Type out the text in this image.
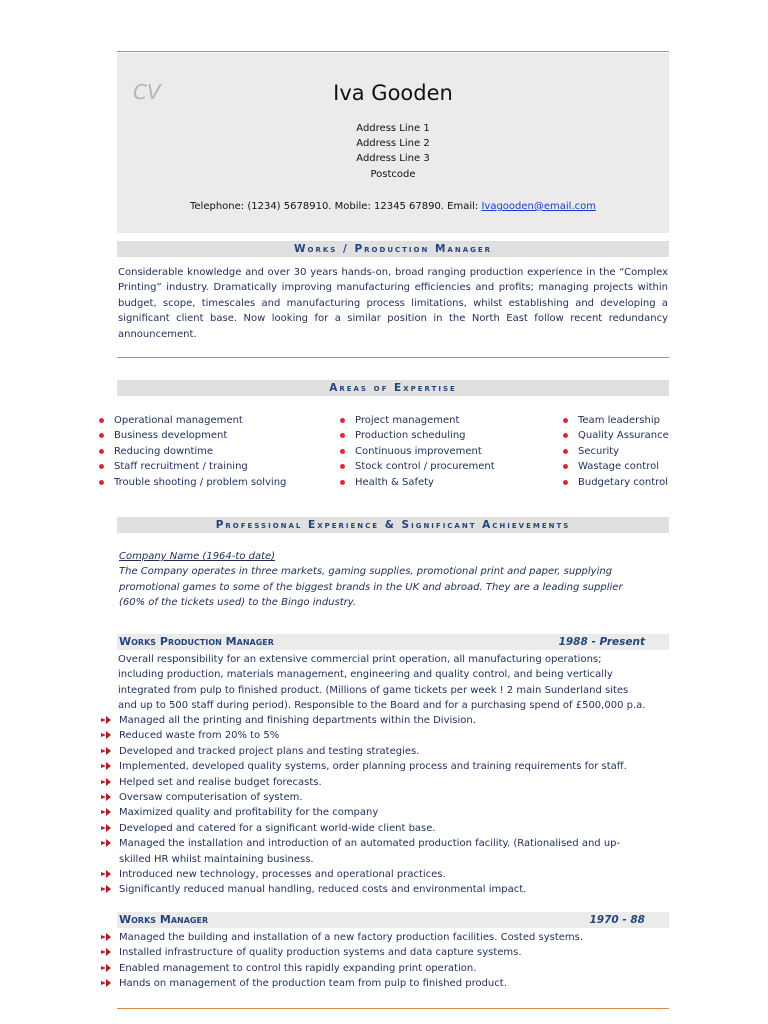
CV	Iva Gooden
Address Line 1
Address Line 2
Address Line 3
Postcode
Telephone: (1234) 5678910. Mobile: 12345 67890. Email: Ivagooden@email.com
Works / Production Manager
Considerable knowledge and over 30 years hands-on, broad ranging production experience in the “Complex Printing” industry. Dramatically improving manufacturing efficiencies and profits; managing projects within budget, scope, timescales and manufacturing process limitations, whilst establishing and developing a significant client base. Now looking for a similar position in the North East follow recent redundancy announcement.
Areas of Expertise
Operational management
Business development
Reducing downtime
Staff recruitment / training
Trouble shooting / problem solving
Project management
Production scheduling
Continuous improvement
Stock control / procurement
Health & Safety
Team leadership
Quality Assurance
Security
Wastage control
Budgetary control
Professional Experience & Significant Achievements
Company Name (1964-to date)
The Company operates in three markets, gaming supplies, promotional print and paper, supplying
promotional games to some of the biggest brands in the UK and abroad. They are a leading supplier
(60% of the tickets used) to the Bingo industry.
Works Production Manager	1988 - Present
Overall responsibility for an extensive commercial print operation, all manufacturing operations;
including production, materials management, engineering and quality control, and being vertically
integrated from pulp to finished product. (Millions of game tickets per week ! 2 main Sunderland sites
and up to 500 staff during period). Responsible to the Board and for a purchasing spend of £500,000 p.a.
Managed all the printing and finishing departments within the Division.
Reduced waste from 20% to 5%
Developed and tracked project plans and testing strategies.
Implemented, developed quality systems, order planning process and training requirements for staff.
Helped set and realise budget forecasts.
Oversaw computerisation of system.
Maximized quality and profitability for the company
Developed and catered for a significant world-wide client base.
Managed the installation and introduction of an automated production facility. (Rationalised and up-skilled HR whilst maintaining business.
Introduced new technology, processes and operational practices.
Significantly reduced manual handling, reduced costs and environmental impact.
Works Manager	1970 - 88
Managed the building and installation of a new factory production facilities. Costed systems.
Installed infrastructure of quality production systems and data capture systems.
Enabled management to control this rapidly expanding print operation.
Hands on management of the production team from pulp to finished product.
